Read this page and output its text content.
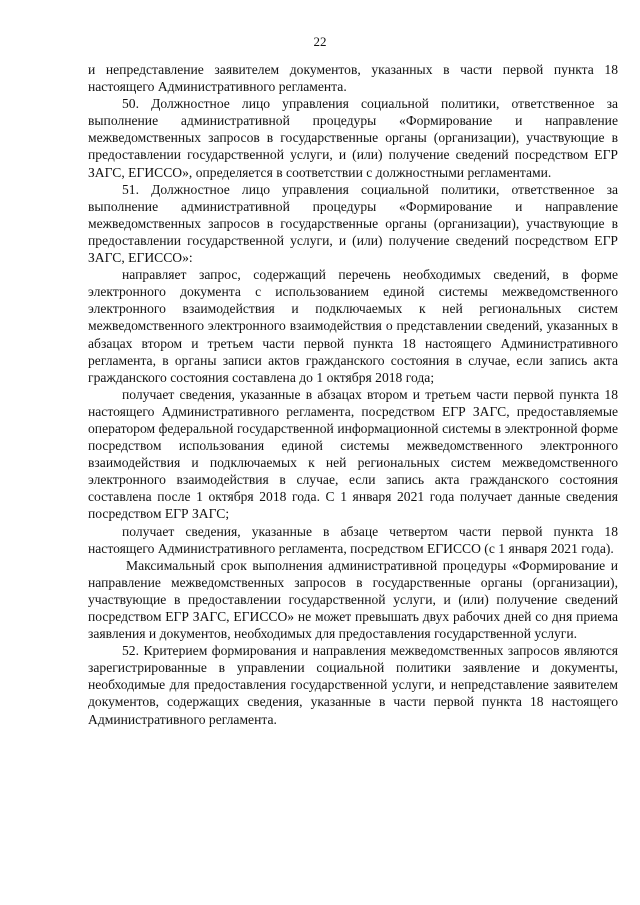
22

и непредставление заявителем документов, указанных в части первой пункта 18 настоящего Административного регламента.

50. Должностное лицо управления социальной политики, ответственное за выполнение административной процедуры «Формирование и направление межведомственных запросов в государственные органы (организации), участвующие в предоставлении государственной услуги, и (или) получение сведений посредством ЕГР ЗАГС, ЕГИССО», определяется в соответствии с должностными регламентами.

51. Должностное лицо управления социальной политики, ответственное за выполнение административной процедуры «Формирование и направление межведомственных запросов в государственные органы (организации), участвующие в предоставлении государственной услуги, и (или) получение сведений посредством ЕГР ЗАГС, ЕГИССО»:

направляет запрос, содержащий перечень необходимых сведений, в форме электронного документа с использованием единой системы межведомственного электронного взаимодействия и подключаемых к ней региональных систем межведомственного электронного взаимодействия о представлении сведений, указанных в абзацах втором и третьем части первой пункта 18 настоящего Административного регламента, в органы записи актов гражданского состояния в случае, если запись акта гражданского состояния составлена до 1 октября 2018 года;

получает сведения, указанные в абзацах втором и третьем части первой пункта 18 настоящего Административного регламента, посредством ЕГР ЗАГС, предоставляемые оператором федеральной государственной информационной системы в электронной форме посредством использования единой системы межведомственного электронного взаимодействия и подключаемых к ней региональных систем межведомственного электронного взаимодействия в случае, если запись акта гражданского состояния составлена после 1 октября 2018 года. С 1 января 2021 года получает данные сведения посредством ЕГР ЗАГС;

получает сведения, указанные в абзаце четвертом части первой пункта 18 настоящего Административного регламента, посредством ЕГИССО (с 1 января 2021 года).

Максимальный срок выполнения административной процедуры «Формирование и направление межведомственных запросов в государственные органы (организации), участвующие в предоставлении государственной услуги, и (или) получение сведений посредством ЕГР ЗАГС, ЕГИССО» не может превышать двух рабочих дней со дня приема заявления и документов, необходимых для предоставления государственной услуги.

52. Критерием формирования и направления межведомственных запросов являются зарегистрированные в управлении социальной политики заявление и документы, необходимые для предоставления государственной услуги, и непредставление заявителем документов, содержащих сведения, указанные в части первой пункта 18 настоящего Административного регламента.
